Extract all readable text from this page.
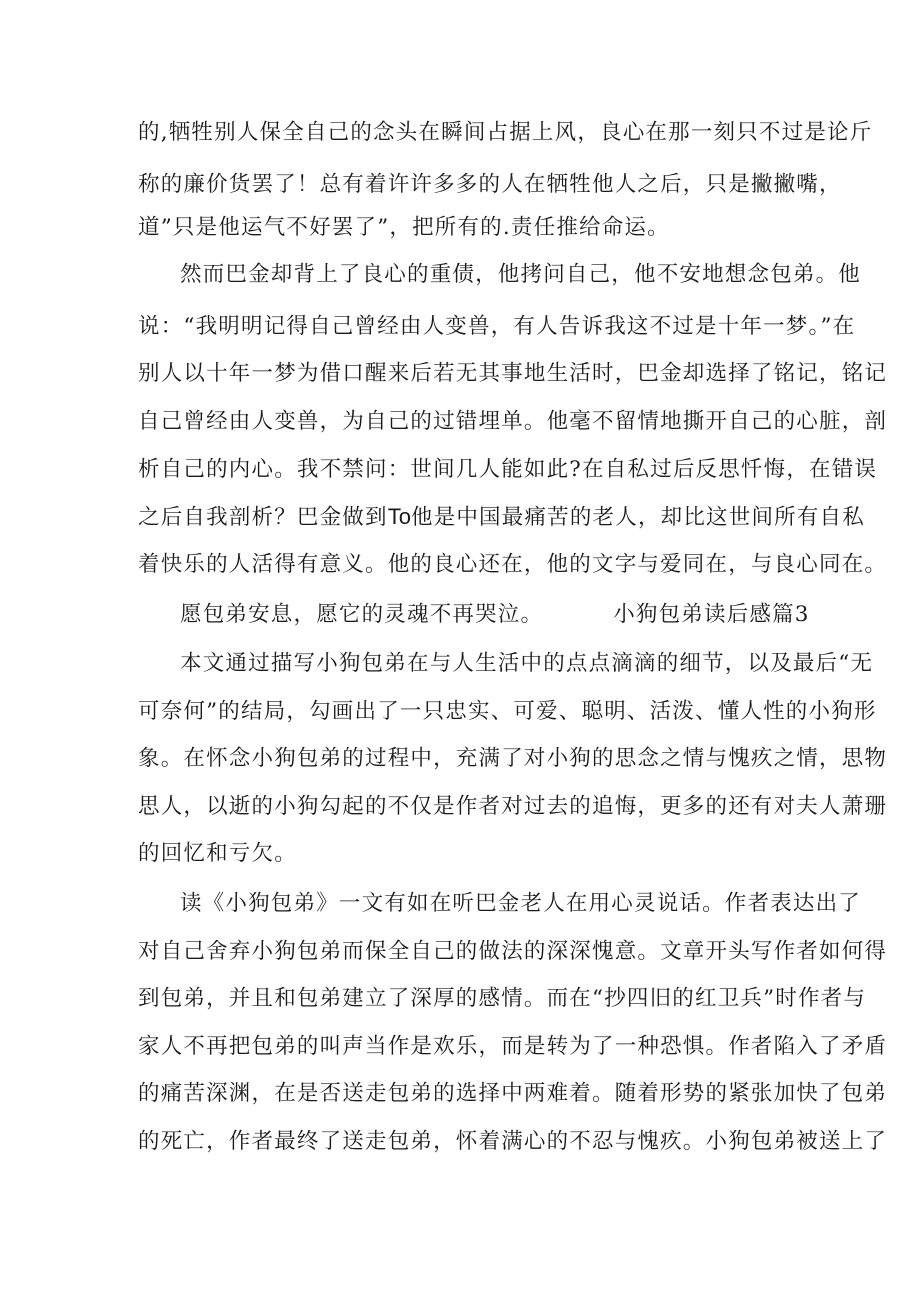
的,牺牲别人保全自己的念头在瞬间占据上风，良心在那一刻只不过是论斤
称的廉价货罢了！总有着许许多多的人在牺牲他人之后，只是撇撇嘴，
道”只是他运气不好罢了”，把所有的.责任推给命运。
然而巴金却背上了良心的重债，他拷问自己，他不安地想念包弟。他
说：“我明明记得自己曾经由人变兽，有人告诉我这不过是十年一梦。”在
别人以十年一梦为借口醒来后若无其事地生活时，巴金却选择了铭记，铭记
自己曾经由人变兽，为自己的过错埋单。他毫不留情地撕开自己的心脏，剖
析自己的内心。我不禁问：世间几人能如此?在自私过后反思忏悔，在错误
之后自我剖析？巴金做到To他是中国最痛苦的老人，却比这世间所有自私
着快乐的人活得有意义。他的良心还在，他的文字与爱同在，与良心同在。
愿包弟安息，愿它的灵魂不再哭泣。	小狗包弟读后感篇3
本文通过描写小狗包弟在与人生活中的点点滴滴的细节，以及最后“无
可奈何”的结局，勾画出了一只忠实、可爱、聪明、活泼、懂人性的小狗形
象。在怀念小狗包弟的过程中，充满了对小狗的思念之情与愧疚之情，思物
思人，以逝的小狗勾起的不仅是作者对过去的追悔，更多的还有对夫人萧珊
的回忆和亏欠。
读《小狗包弟》一文有如在听巴金老人在用心灵说话。作者表达出了
对自己舍弃小狗包弟而保全自己的做法的深深愧意。文章开头写作者如何得
到包弟，并且和包弟建立了深厚的感情。而在“抄四旧的红卫兵”时作者与
家人不再把包弟的叫声当作是欢乐，而是转为了一种恐惧。作者陷入了矛盾
的痛苦深渊，在是否送走包弟的选择中两难着。随着形势的紧张加快了包弟
的死亡，作者最终了送走包弟，怀着满心的不忍与愧疚。小狗包弟被送上了
